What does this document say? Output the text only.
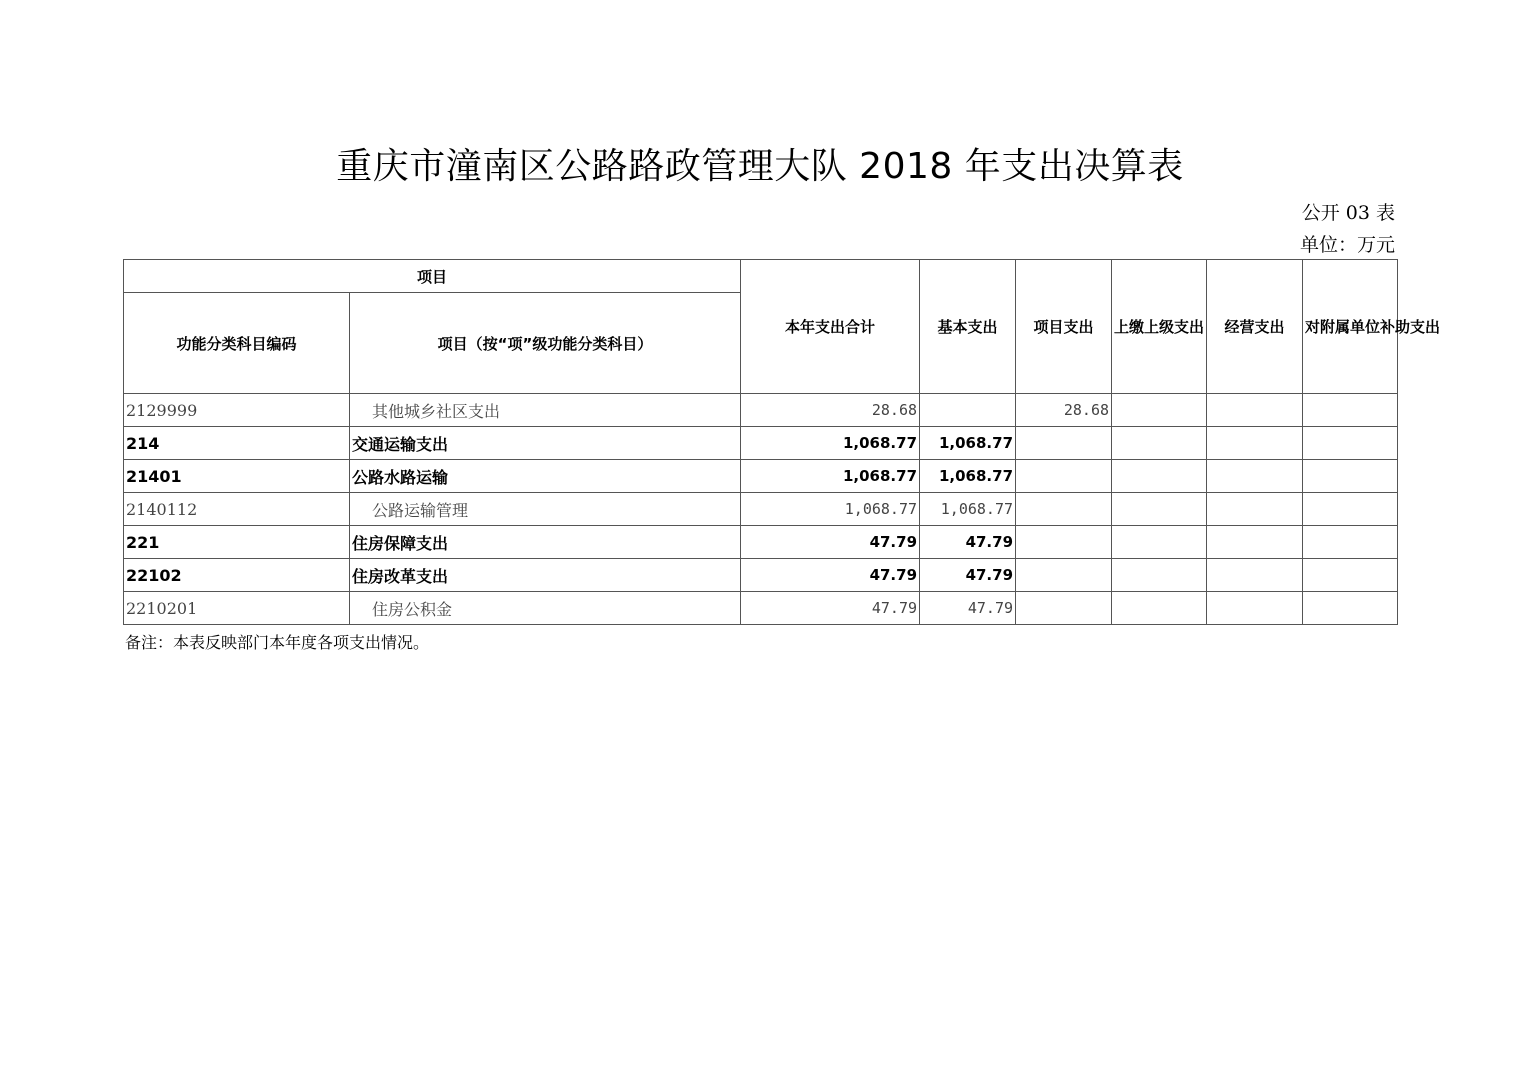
重庆市潼南区公路路政管理大队 2018 年支出决算表
公开 03 表
单位：万元
项目		本年支出合计	基本支出	项目支出	上缴上级支出	经营支出	对附属单位补助支出
功能分类科目编码	项目（按“项”级功能分类科目）						
2129999	其他城乡社区支出	28.68		28.68			
214	交通运输支出	1,068.77	1,068.77				
21401	公路水路运输	1,068.77	1,068.77				
2140112	公路运输管理	1,068.77	1,068.77				
221	住房保障支出	47.79	47.79				
22102	住房改革支出	47.79	47.79				
2210201	住房公积金	47.79	47.79				
备注：本表反映部门本年度各项支出情况。
